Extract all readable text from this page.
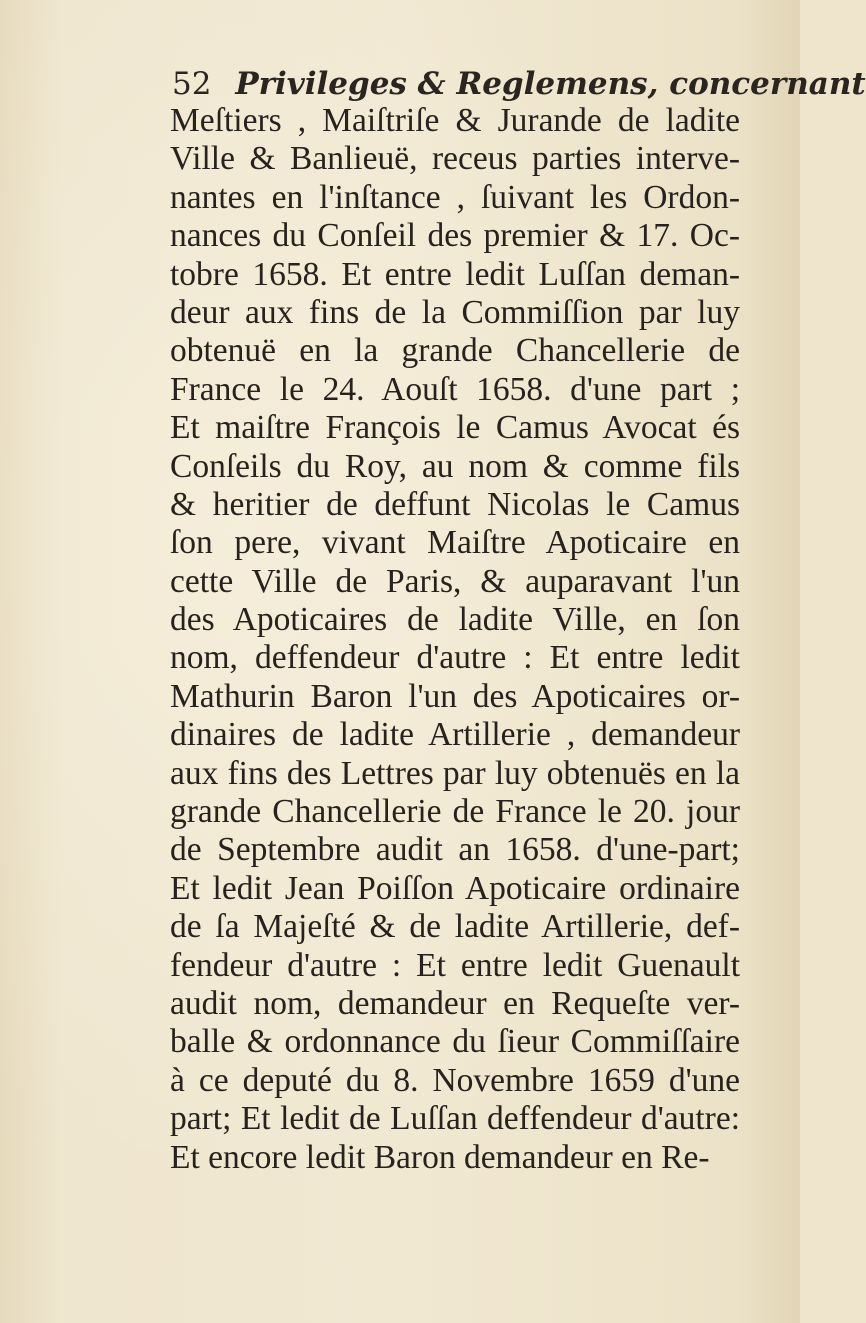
52 Privileges & Reglemens, concernant
Meſtiers , Maiſtriſe & Jurande de ladite
Ville & Banlieuë, receus parties interve-
nantes en l'inſtance , ſuivant les Ordon-
nances du Conſeil des premier & 17. Oc-
tobre 1658. Et entre ledit Luſſan deman-
deur aux fins de la Commiſſion par luy
obtenuë en la grande Chancellerie de
France le 24. Aouſt 1658. d'une part ;
Et maiſtre François le Camus Avocat és
Conſeils du Roy, au nom & comme fils
& heritier de deffunt Nicolas le Camus
ſon pere, vivant Maiſtre Apoticaire en
cette Ville de Paris, & auparavant l'un
des Apoticaires de ladite Ville, en ſon
nom, deffendeur d'autre : Et entre ledit
Mathurin Baron l'un des Apoticaires or-
dinaires de ladite Artillerie , demandeur
aux fins des Lettres par luy obtenuës en la
grande Chancellerie de France le 20. jour
de Septembre audit an 1658. d'une-part;
Et ledit Jean Poiſſon Apoticaire ordinaire
de ſa Majeſté & de ladite Artillerie, def-
fendeur d'autre : Et entre ledit Guenault
audit nom, demandeur en Requeſte ver-
balle & ordonnance du ſieur Commiſſaire
à ce deputé du 8. Novembre 1659 d'une
part; Et ledit de Luſſan deffendeur d'autre:
Et encore ledit Baron demandeur en Re-
